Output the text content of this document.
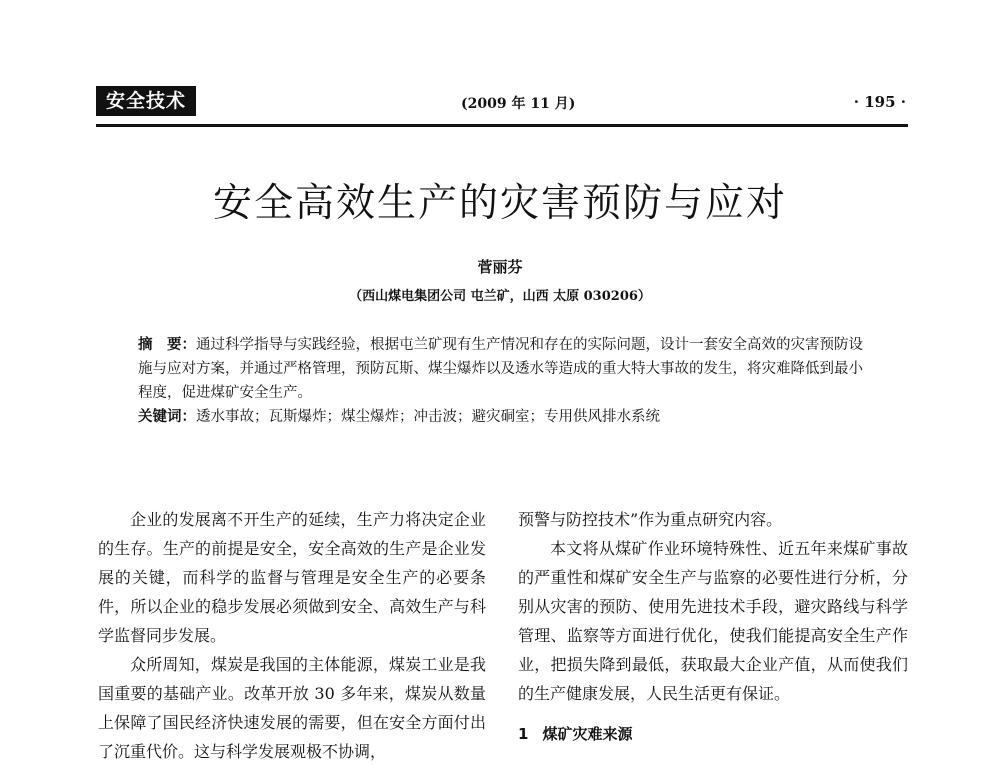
安全技术	(2009 年 11 月)	· 195 ·
安全高效生产的灾害预防与应对
菅丽芬
（西山煤电集团公司 屯兰矿，山西 太原 030206）

摘　要：通过科学指导与实践经验，根据屯兰矿现有生产情况和存在的实际问题，设计一套安全高效的灾害预防设施与应对方案，并通过严格管理，预防瓦斯、煤尘爆炸以及透水等造成的重大特大事故的发生，将灾难降低到最小程度，促进煤矿安全生产。

关键词：透水事故；瓦斯爆炸；煤尘爆炸；冲击波；避灾硐室；专用供风排水系统

企业的发展离不开生产的延续，生产力将决定企业的生存。生产的前提是安全，安全高效的生产是企业发展的关键，而科学的监督与管理是安全生产的必要条件，所以企业的稳步发展必须做到安全、高效生产与科学监督同步发展。

众所周知，煤炭是我国的主体能源，煤炭工业是我国重要的基础产业。改革开放 30 多年来，煤炭从数量上保障了国民经济快速发展的需要，但在安全方面付出了沉重代价。这与科学发展观极不协调，

预警与防控技术”作为重点研究内容。

本文将从煤矿作业环境特殊性、近五年来煤矿事故的严重性和煤矿安全生产与监察的必要性进行分析，分别从灾害的预防、使用先进技术手段，避灾路线与科学管理、监察等方面进行优化，使我们能提高安全生产作业，把损失降到最低，获取最大企业产值，从而使我们的生产健康发展，人民生活更有保证。

1 煤矿灾难来源
